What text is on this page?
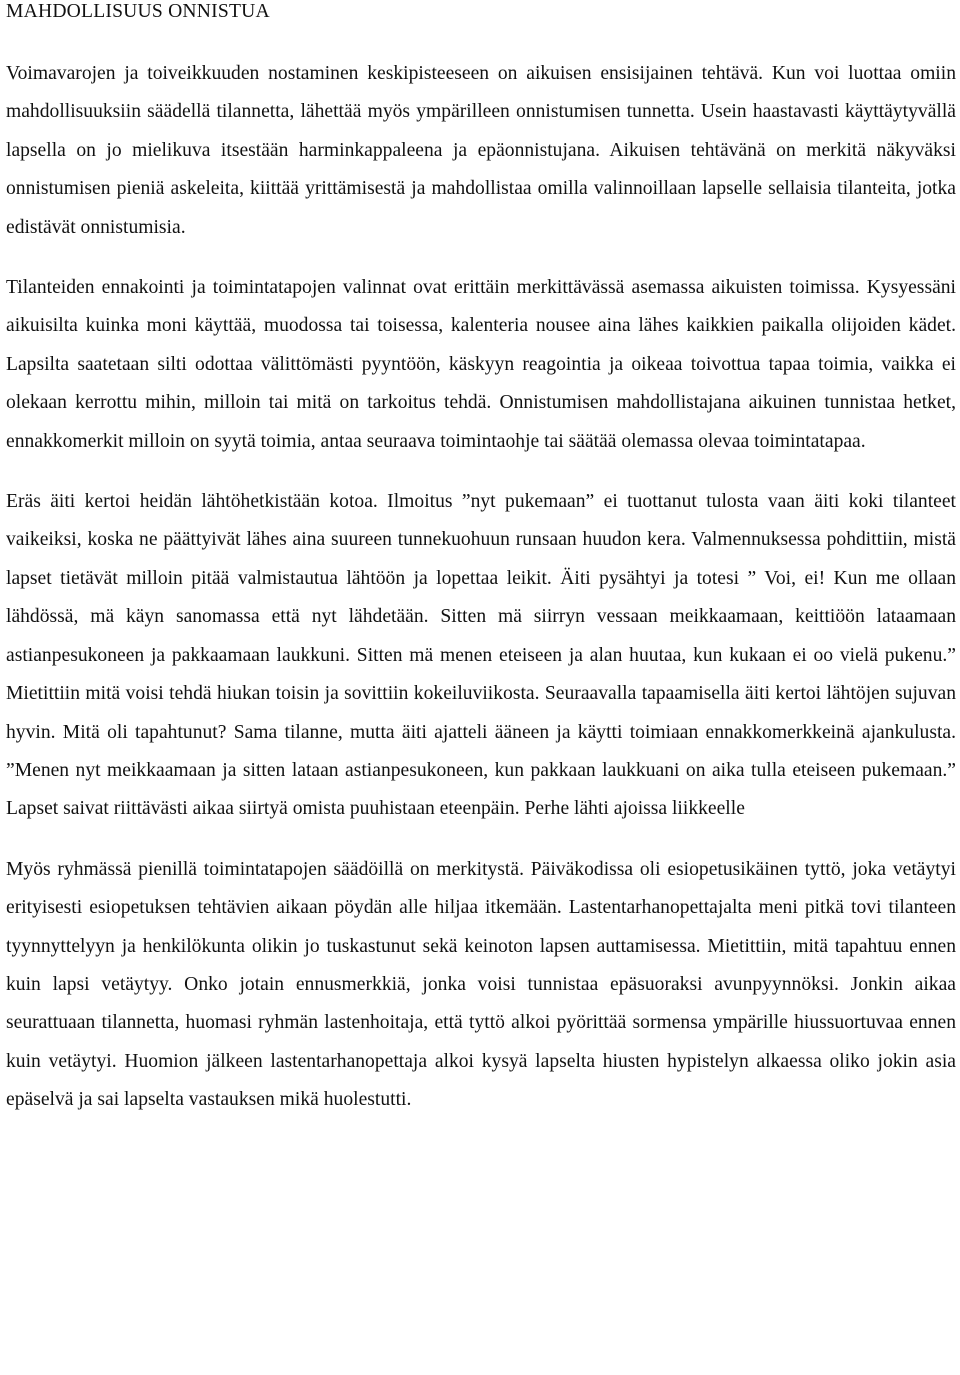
MAHDOLLISUUS ONNISTUA

Voimavarojen ja toiveikkuuden nostaminen keskipisteeseen on aikuisen ensisijainen tehtävä. Kun voi luottaa omiin mahdollisuuksiin säädellä tilannetta, lähettää myös ympärilleen onnistumisen tunnetta. Usein haastavasti käyttäytyvällä lapsella on jo mielikuva itsestään harminkappaleena ja epäonnistujana. Aikuisen tehtävänä on merkitä näkyväksi onnistumisen pieniä askeleita, kiittää yrittämisestä ja mahdollistaa omilla valinnoillaan lapselle sellaisia tilanteita, jotka edistävät onnistumisia.

Tilanteiden ennakointi ja toimintatapojen valinnat ovat erittäin merkittävässä asemassa aikuisten toimissa. Kysyessäni aikuisilta kuinka moni käyttää, muodossa tai toisessa, kalenteria nousee aina lähes kaikkien paikalla olijoiden kädet. Lapsilta saatetaan silti odottaa välittömästi pyyntöön, käskyyn reagointia ja oikeaa toivottua tapaa toimia, vaikka ei olekaan kerrottu mihin, milloin tai mitä on tarkoitus tehdä. Onnistumisen mahdollistajana aikuinen tunnistaa hetket, ennakkomerkit milloin on syytä toimia, antaa seuraava toimintaohje tai säätää olemassa olevaa toimintatapaa.

Eräs äiti kertoi heidän lähtöhetkistään kotoa. Ilmoitus ”nyt pukemaan” ei tuottanut tulosta vaan äiti koki tilanteet vaikeiksi, koska ne päättyivät lähes aina suureen tunnekuohuun runsaan huudon kera. Valmennuksessa pohdittiin, mistä lapset tietävät milloin pitää valmistautua lähtöön ja lopettaa leikit. Äiti pysähtyi ja totesi ” Voi, ei! Kun me ollaan lähdössä, mä käyn sanomassa että nyt lähdetään. Sitten mä siirryn vessaan meikkaamaan, keittiöön lataamaan astianpesukoneen ja pakkaamaan laukkuni. Sitten mä menen eteiseen ja alan huutaa, kun kukaan ei oo vielä pukenu.” Mietittiin mitä voisi tehdä hiukan toisin ja sovittiin kokeiluviikosta. Seuraavalla tapaamisella äiti kertoi lähtöjen sujuvan hyvin. Mitä oli tapahtunut? Sama tilanne, mutta äiti ajatteli ääneen ja käytti toimiaan ennakkomerkkeinä ajankulusta. ”Menen nyt meikkaamaan ja sitten lataan astianpesukoneen, kun pakkaan laukkuani on aika tulla eteiseen pukemaan.” Lapset saivat riittävästi aikaa siirtyä omista puuhistaan eteenpäin. Perhe lähti ajoissa liikkeelle

Myös ryhmässä pienillä toimintatapojen säädöillä on merkitystä. Päiväkodissa oli esiopetusikäinen tyttö, joka vetäytyi erityisesti esiopetuksen tehtävien aikaan pöydän alle hiljaa itkemään. Lastentarhanopettajalta meni pitkä tovi tilanteen tyynnyttelyyn ja henkilökunta olikin jo tuskastunut sekä keinoton lapsen auttamisessa. Mietittiin, mitä tapahtuu ennen kuin lapsi vetäytyy. Onko jotain ennusmerkkiä, jonka voisi tunnistaa epäsuoraksi avunpyynnöksi. Jonkin aikaa seurattuaan tilannetta, huomasi ryhmän lastenhoitaja, että tyttö alkoi pyörittää sormensa ympärille hiussuortuvaa ennen kuin vetäytyi. Huomion jälkeen lastentarhanopettaja alkoi kysyä lapselta hiusten hypistelyn alkaessa oliko jokin asia epäselvä ja sai lapselta vastauksen mikä huolestutti.
